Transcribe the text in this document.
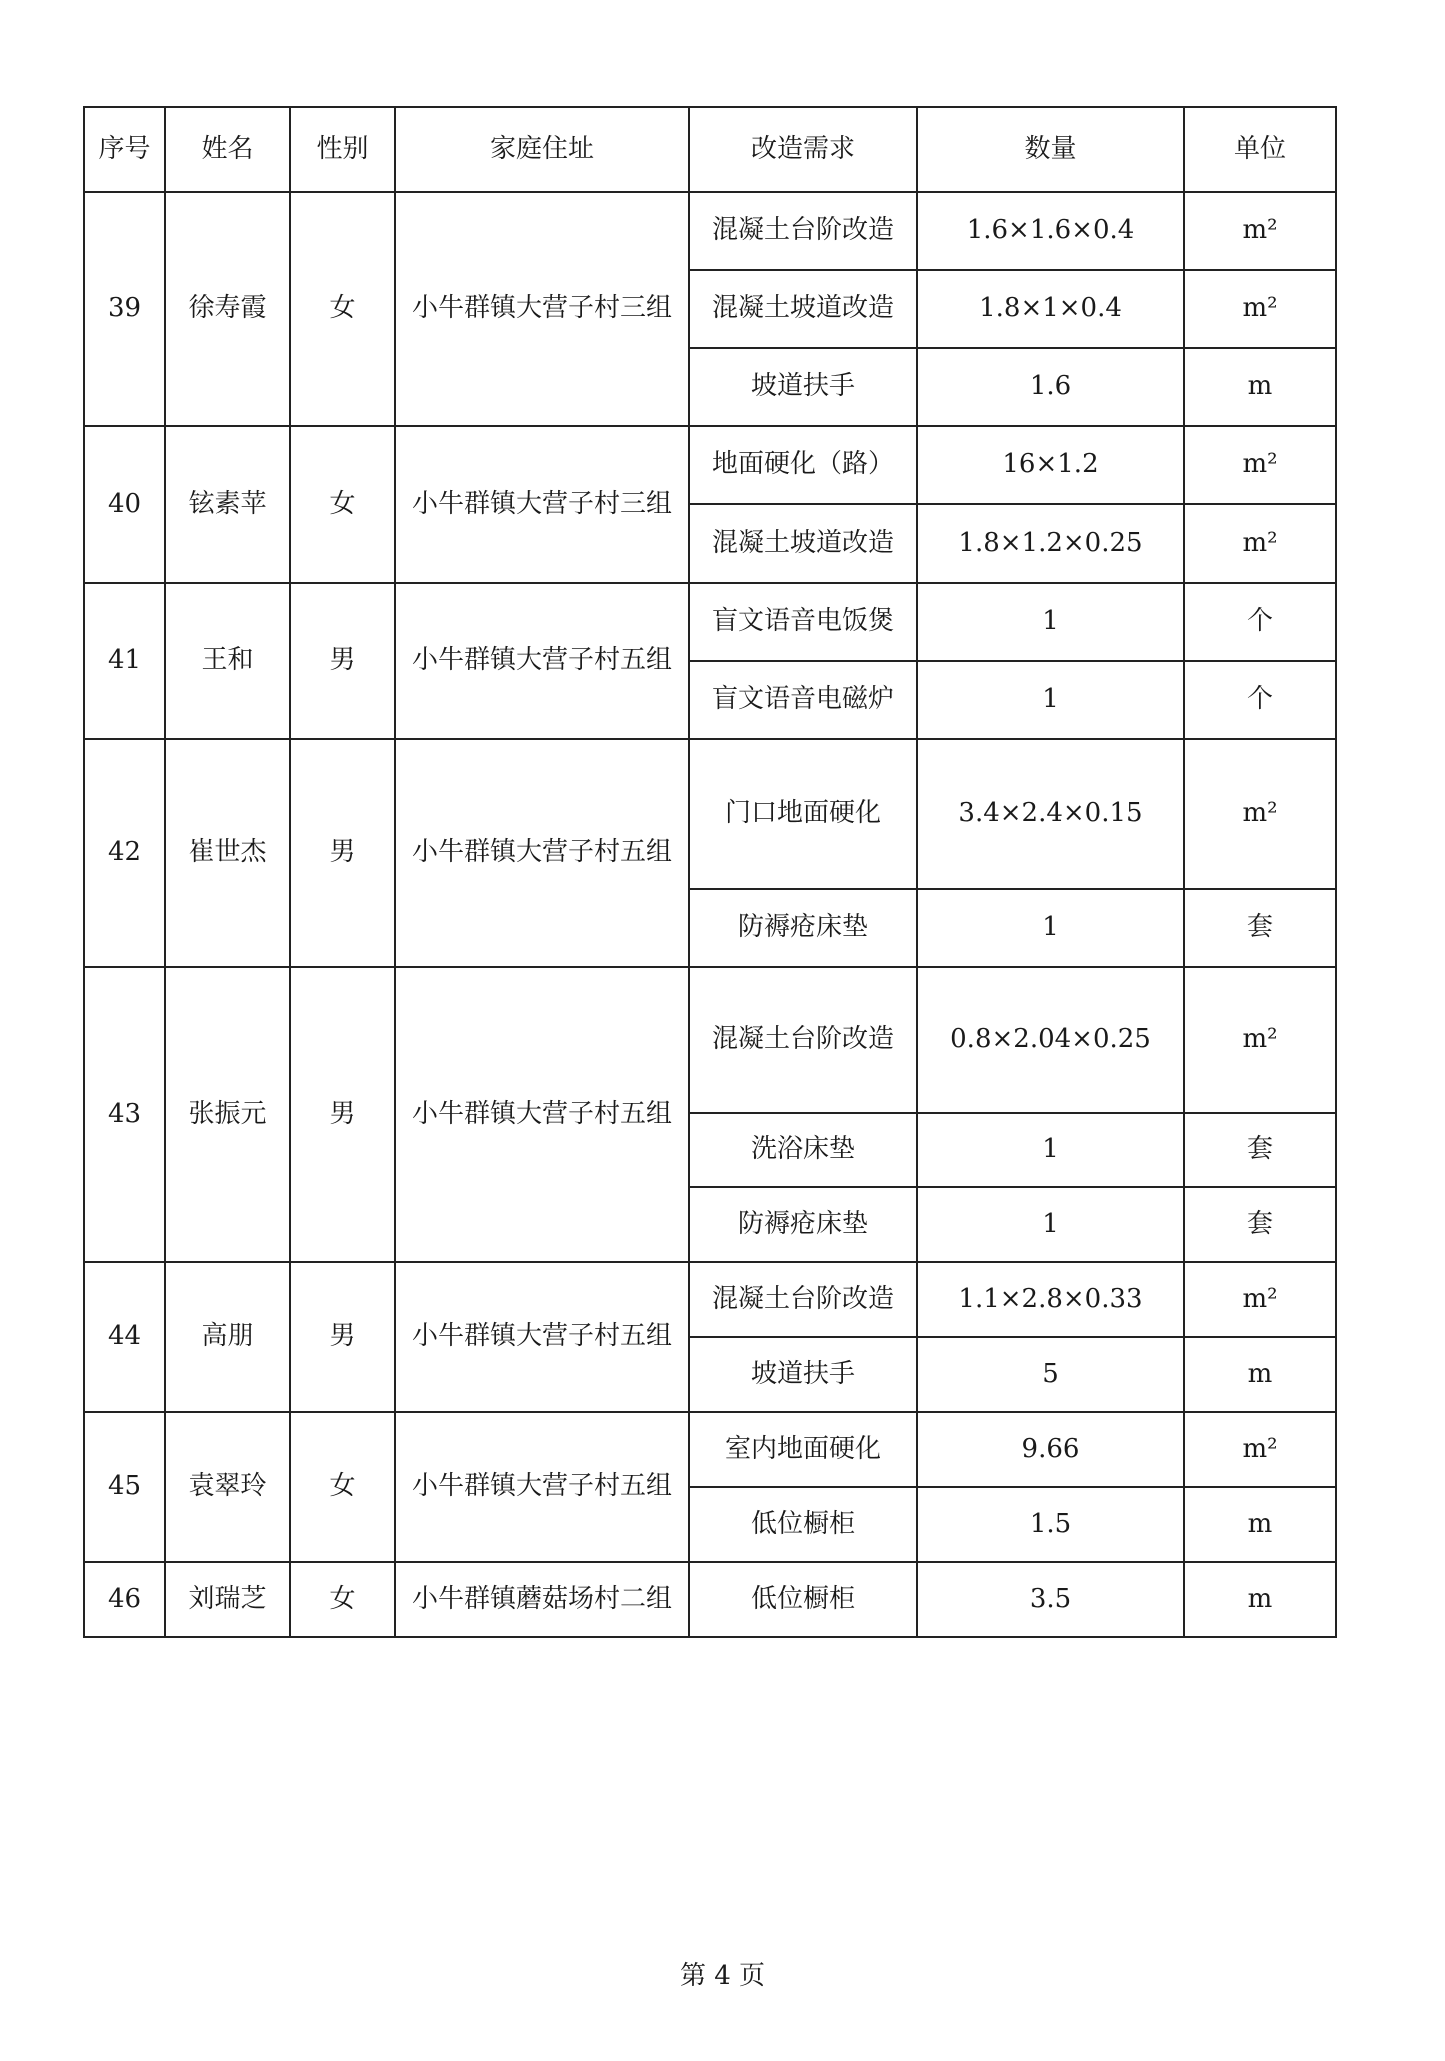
序号	姓名	性别	家庭住址	改造需求	数量	单位
39	徐寿霞	女	小牛群镇大营子村三组	混凝土台阶改造	1.6×1.6×0.4	m²
				混凝土坡道改造	1.8×1×0.4	m²
				坡道扶手	1.6	m
40	铉素苹	女	小牛群镇大营子村三组	地面硬化（路）	16×1.2	m²
				混凝土坡道改造	1.8×1.2×0.25	m²
41	王和	男	小牛群镇大营子村五组	盲文语音电饭煲	1	个
				盲文语音电磁炉	1	个
42	崔世杰	男	小牛群镇大营子村五组	门口地面硬化	3.4×2.4×0.15	m²
				防褥疮床垫	1	套
43	张振元	男	小牛群镇大营子村五组	混凝土台阶改造	0.8×2.04×0.25	m²
				洗浴床垫	1	套
				防褥疮床垫	1	套
44	高朋	男	小牛群镇大营子村五组	混凝土台阶改造	1.1×2.8×0.33	m²
				坡道扶手	5	m
45	袁翠玲	女	小牛群镇大营子村五组	室内地面硬化	9.66	m²
				低位橱柜	1.5	m
46	刘瑞芝	女	小牛群镇蘑菇场村二组	低位橱柜	3.5	m
第 4 页
